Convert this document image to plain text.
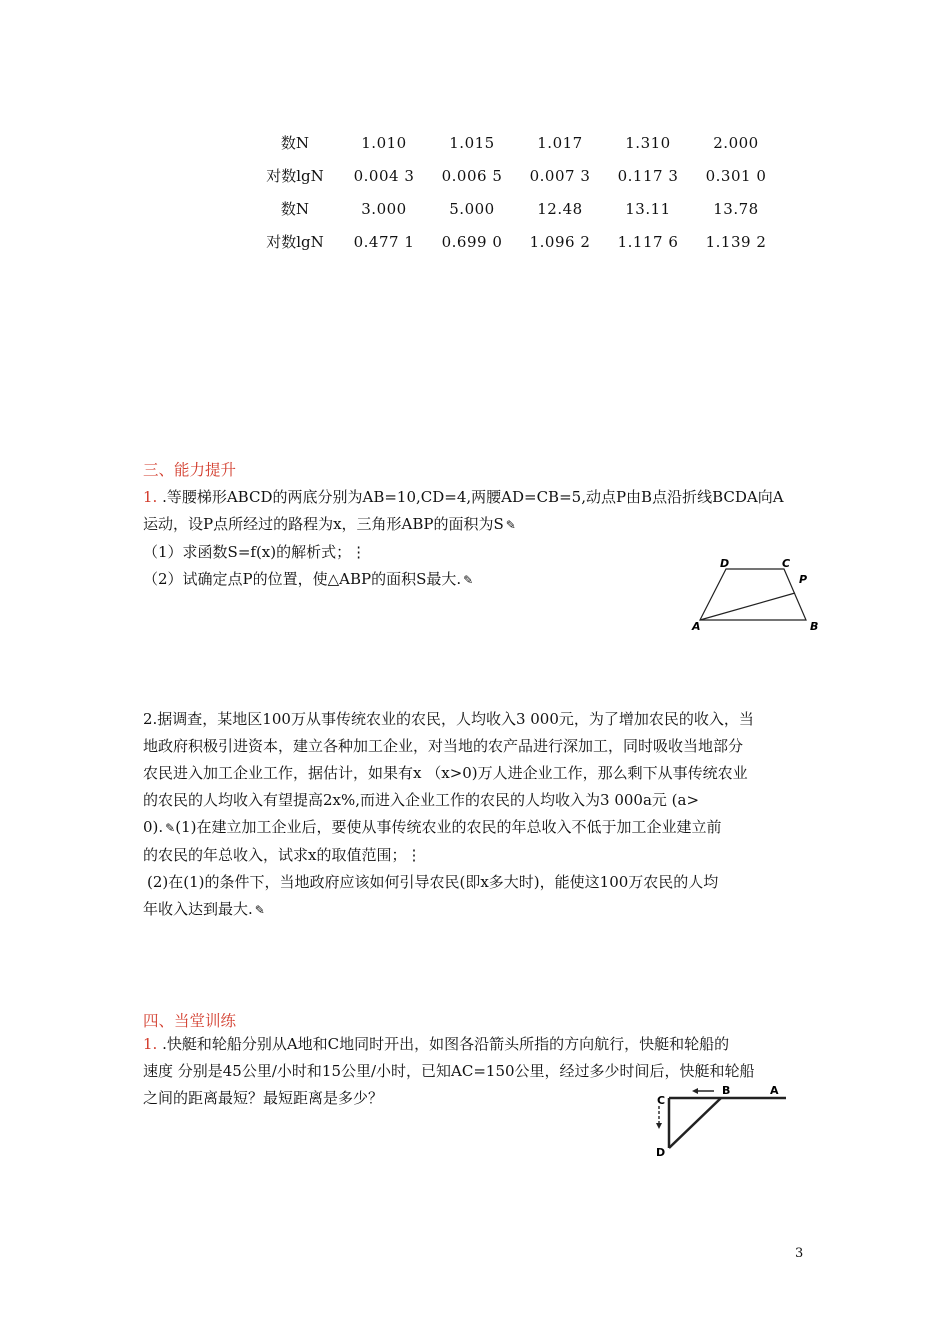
数N	1.010	1.015	1.017	1.310	2.000
对数lgN	0.004 3	0.006 5	0.007 3	0.117 3	0.301 0
数N	3.000	5.000	12.48	13.11	13.78
对数lgN	0.477 1	0.699 0	1.096 2	1.117 6	1.139 2
三、能力提升

1. .等腰梯形ABCD的两底分别为AB=10,CD=4,两腰AD=CB=5,动点P由B点沿折线BCDA向A

运动，设P点所经过的路程为x，三角形ABP的面积为S ✎

（1）求函数S=f(x)的解析式；⋮

（2）试确定点P的位置，使△ABP的面积S最大. ✎

D	C
P
A	B

2.据调查，某地区100万从事传统农业的农民，人均收入3 000元，为了增加农民的收入，当

地政府积极引进资本，建立各种加工企业，对当地的农产品进行深加工，同时吸收当地部分

农民进入加工企业工作，据估计，如果有x （x>0)万人进企业工作，那么剩下从事传统农业

的农民的人均收入有望提高2x%,而进入企业工作的农民的人均收入为3 000a元 (a>

0). ✎(1)在建立加工企业后，要使从事传统农业的农民的年总收入不低于加工企业建立前

的农民的年总收入，试求x的取值范围；⋮

(2)在(1)的条件下，当地政府应该如何引导农民(即x多大时)，能使这100万农民的人均

年收入达到最大. ✎

四、当堂训练

1. .快艇和轮船分别从A地和C地同时开出，如图各沿箭头所指的方向航行，快艇和轮船的

速度 分别是45公里/小时和15公里/小时，已知AC=150公里，经过多少时间后，快艇和轮船

之间的距离最短？最短距离是多少？	C
B	A
D
3
